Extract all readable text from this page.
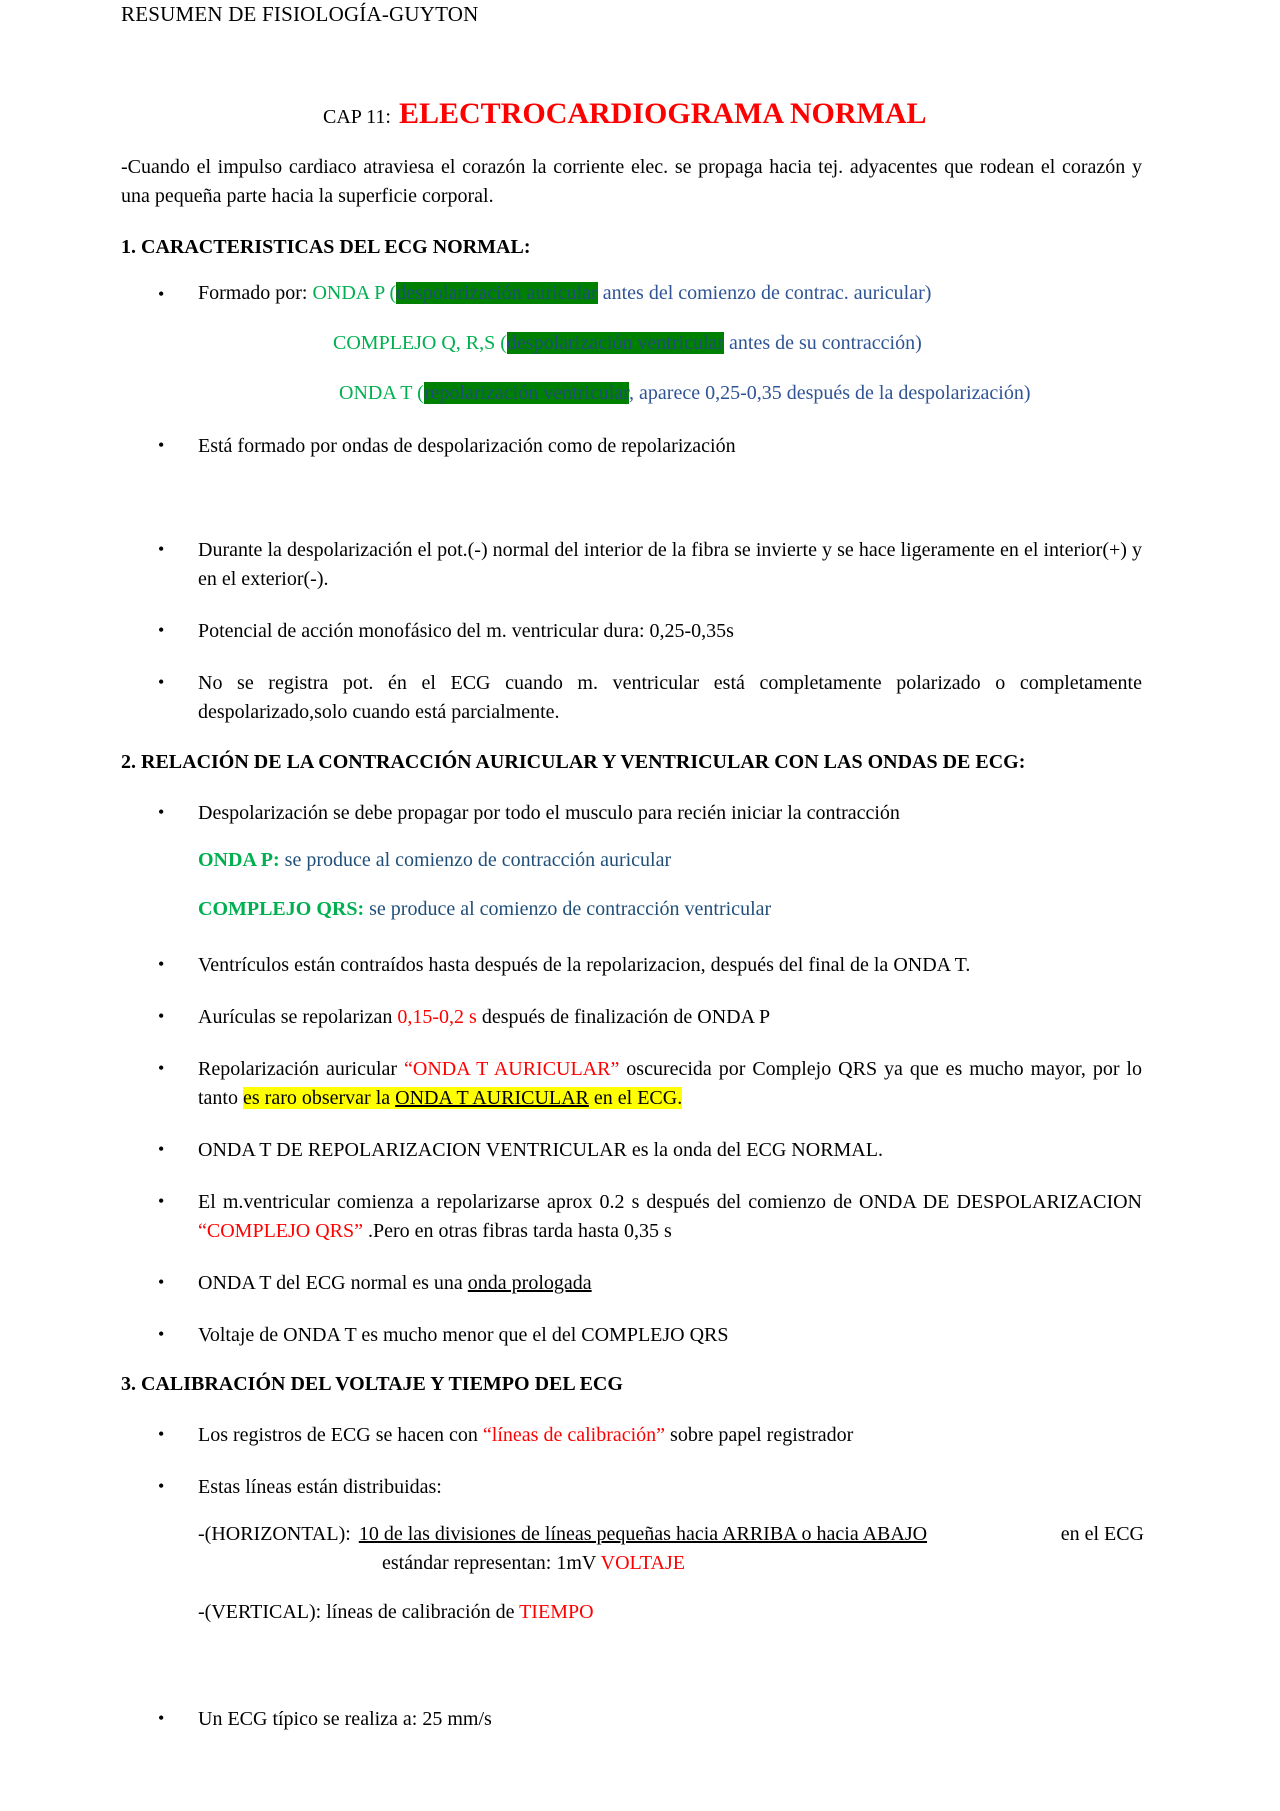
RESUMEN DE FISIOLOGÍA-GUYTON
CAP 11: ELECTROCARDIOGRAMA NORMAL
-Cuando el impulso cardiaco atraviesa el corazón la corriente elec. se propaga hacia tej. adyacentes que rodean el corazón y una pequeña parte hacia la superficie corporal.
1. CARACTERISTICAS DEL ECG NORMAL:
• Formado por: ONDA P (despolarización auricular antes del comienzo de contrac. auricular)
COMPLEJO Q, R,S (despolarización ventricular antes de su contracción)
ONDA T (repolarización ventricular, aparece 0,25-0,35 después de la despolarización)
• Está formado por ondas de despolarización como de repolarización
• Durante la despolarización el pot.(-) normal del interior de la fibra se invierte y se hace ligeramente en el interior(+) y en el exterior(-).
• Potencial de acción monofásico del m. ventricular dura: 0,25-0,35s
• No se registra pot. én el ECG cuando m. ventricular está completamente polarizado o completamente despolarizado,solo cuando está parcialmente.
2. RELACIÓN DE LA CONTRACCIÓN AURICULAR Y VENTRICULAR CON LAS ONDAS DE ECG:
• Despolarización se debe propagar por todo el musculo para recién iniciar la contracción
ONDA P: se produce al comienzo de contracción auricular
COMPLEJO QRS: se produce al comienzo de contracción ventricular
• Ventrículos están contraídos hasta después de la repolarizacion, después del final de la ONDA T.
• Aurículas se repolarizan 0,15-0,2 s después de finalización de ONDA P
• Repolarización auricular “ONDA T AURICULAR” oscurecida por Complejo QRS ya que es mucho mayor, por lo tanto es raro observar la ONDA T AURICULAR en el ECG.
• ONDA T DE REPOLARIZACION VENTRICULAR es la onda del ECG NORMAL.
• El m.ventricular comienza a repolarizarse aprox 0.2 s después del comienzo de ONDA DE DESPOLARIZACION “COMPLEJO QRS” .Pero en otras fibras tarda hasta 0,35 s
• ONDA T del ECG normal es una onda prologada
• Voltaje de ONDA T es mucho menor que el del COMPLEJO QRS
3. CALIBRACIÓN DEL VOLTAJE Y TIEMPO DEL ECG
• Los registros de ECG se hacen con “líneas de calibración” sobre papel registrador
• Estas líneas están distribuidas:
-(HORIZONTAL): 10 de las divisiones de líneas pequeñas hacia ARRIBA o hacia ABAJO	en el ECG
estándar representan: 1mV VOLTAJE
-(VERTICAL): líneas de calibración de TIEMPO
• Un ECG típico se realiza a: 25 mm/s
